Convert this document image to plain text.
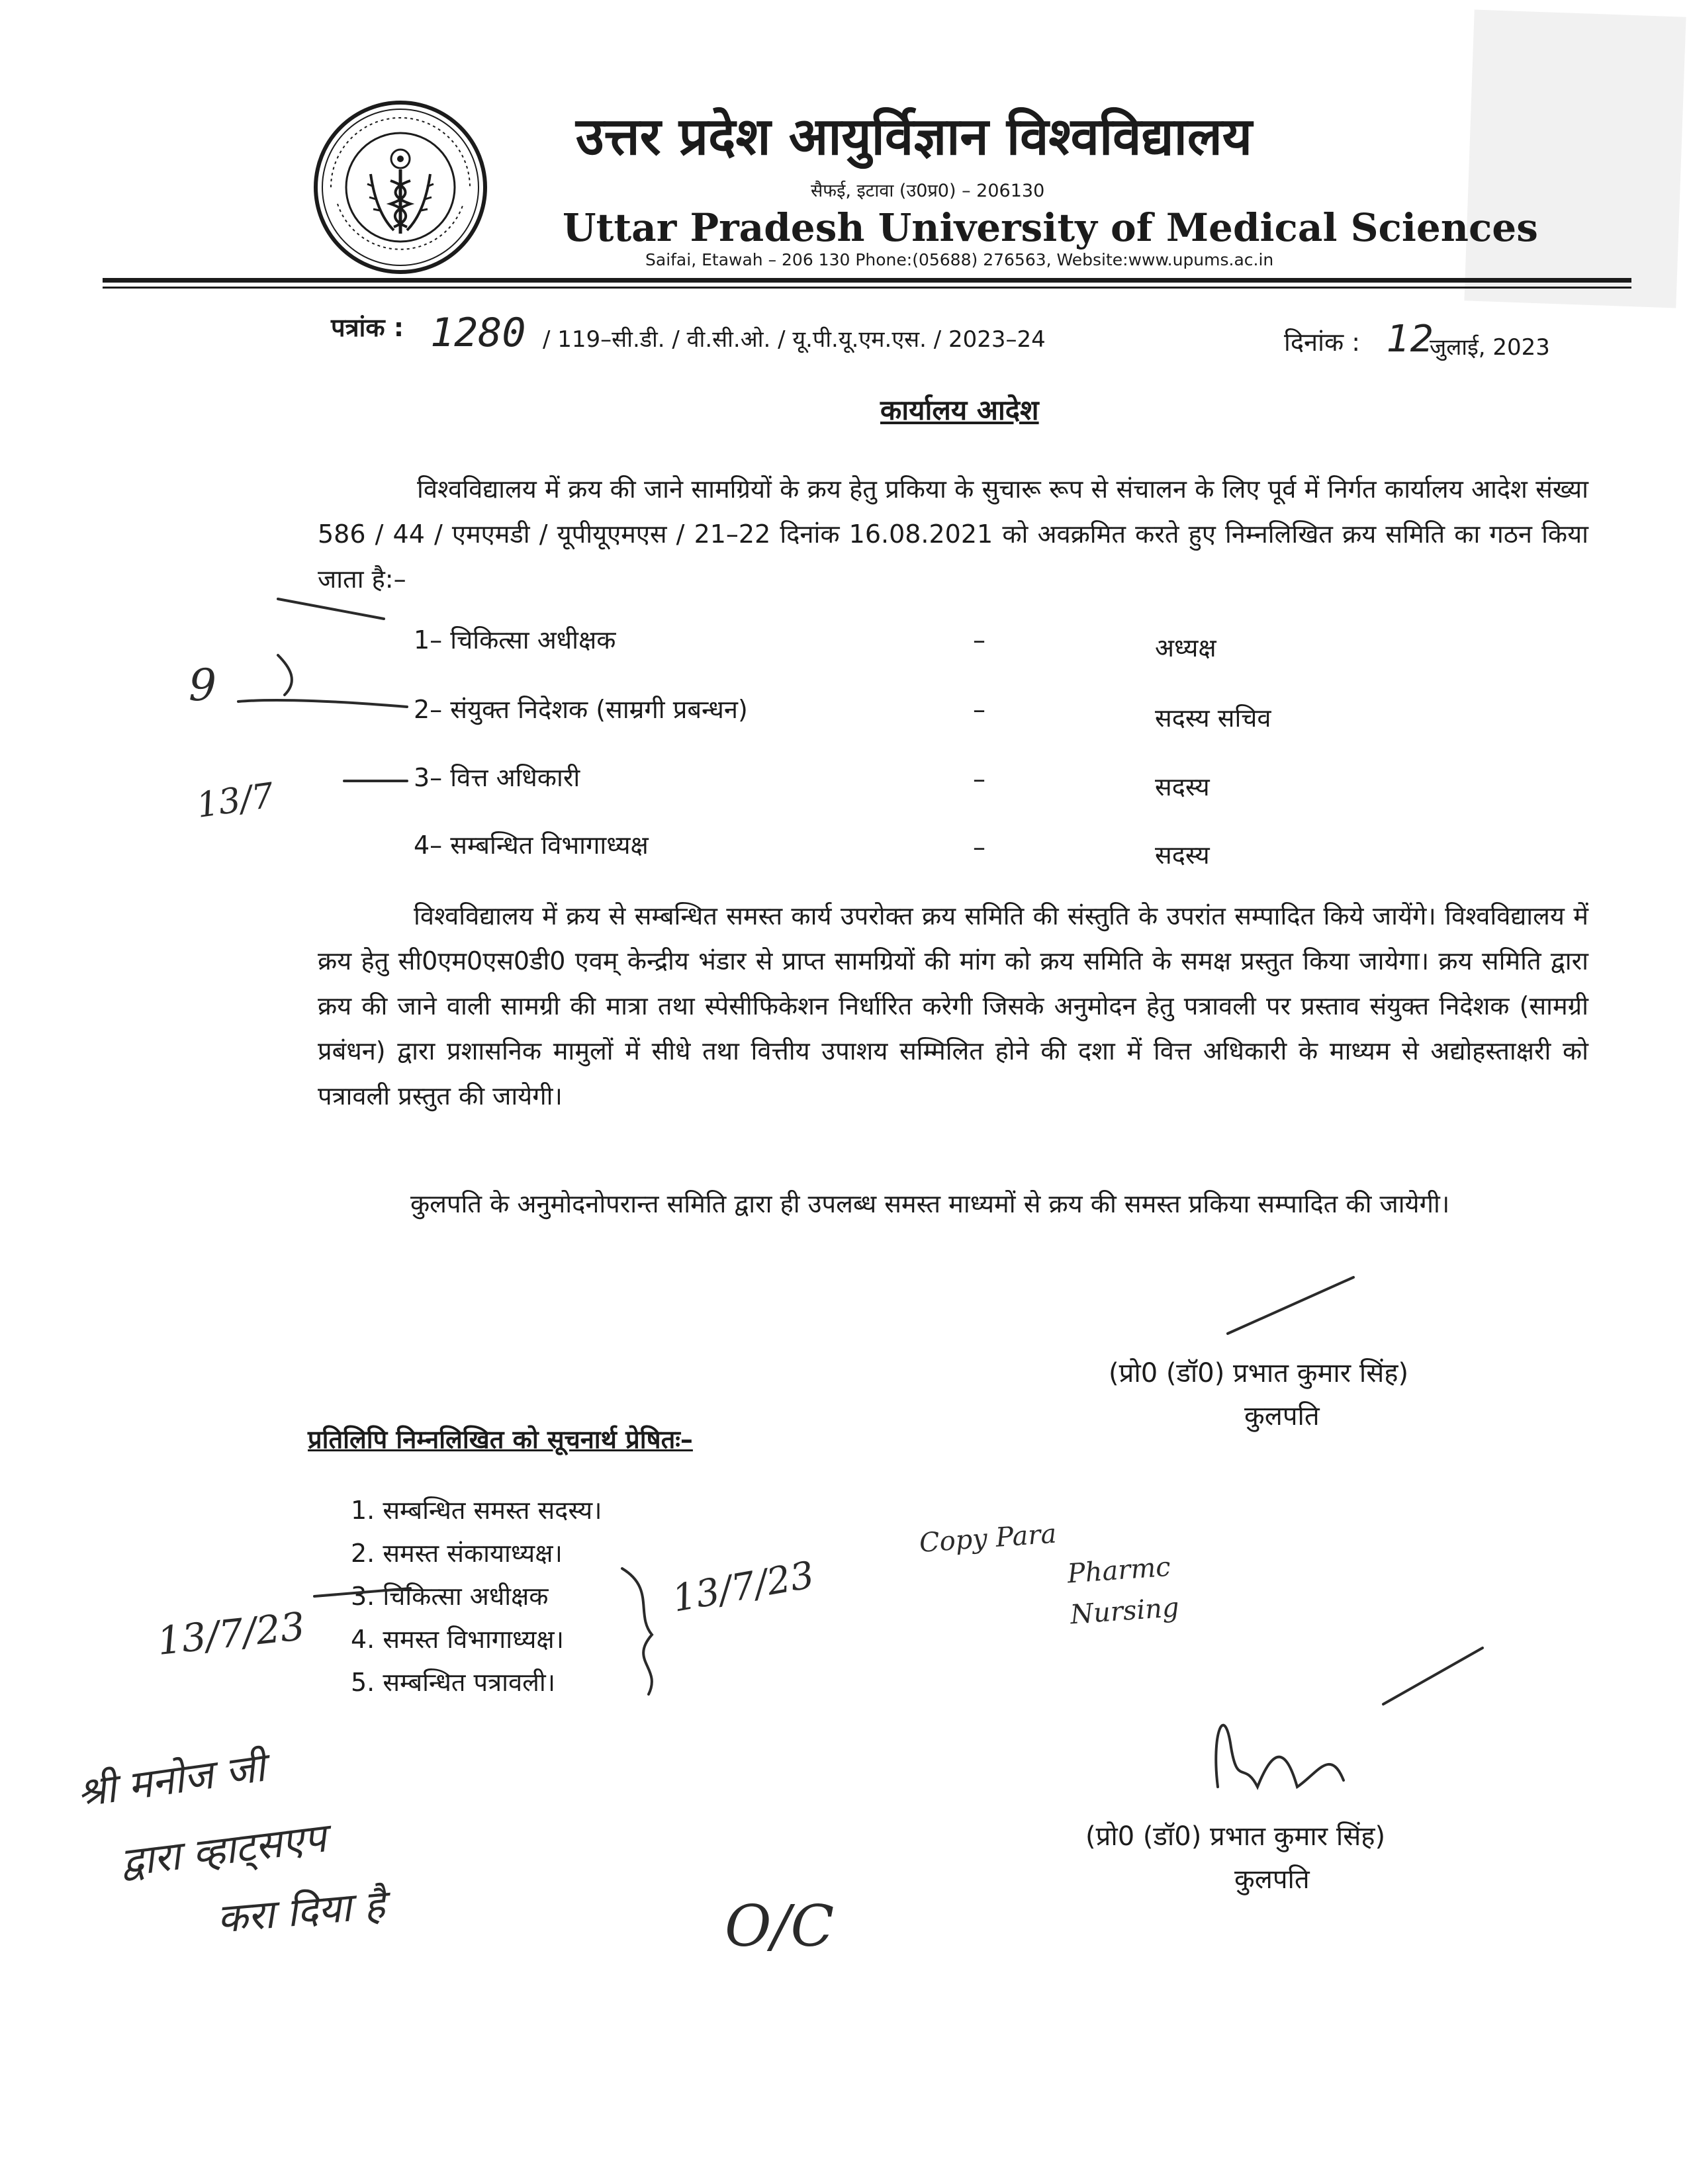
उत्तर प्रदेश आयुर्विज्ञान विश्वविद्यालय
सैफई, इटावा (उ0प्र0) – 206130
Uttar Pradesh University of Medical Sciences
Saifai, Etawah – 206 130 Phone:(05688) 276563, Website:www.upums.ac.in
पत्रांक : 1280 / 119–सी.डी. / वी.सी.ओ. / यू.पी.यू.एम.एस. / 2023–24	दिनांक : 12
जुलाई, 2023
कार्यालय आदेश
विश्वविद्यालय में क्रय की जाने सामग्रियों के क्रय हेतु प्रकिया के सुचारू रूप से संचालन के लिए पूर्व में निर्गत कार्यालय आदेश संख्या 586 / 44 / एमएमडी / यूपीयूएमएस / 21–22 दिनांक 16.08.2021 को अवक्रमित करते हुए निम्नलिखित क्रय समिति का गठन किया जाता है:–
1– चिकित्सा अधीक्षक	–	अध्यक्ष
2– संयुक्त निदेशक (साम्रगी प्रबन्धन)	–	सदस्य सचिव
3– वित्त अधिकारी	–	सदस्य
4– सम्बन्धित विभागाध्यक्ष	–	सदस्य
विश्वविद्यालय में क्रय से सम्बन्धित समस्त कार्य उपरोक्त क्रय समिति की संस्तुति के उपरांत सम्पादित किये जायेंगे। विश्वविद्यालय में क्रय हेतु सी0एम0एस0डी0 एवम् केन्द्रीय भंडार से प्राप्त सामग्रियों की मांग को क्रय समिति के समक्ष प्रस्तुत किया जायेगा। क्रय समिति द्वारा क्रय की जाने वाली सामग्री की मात्रा तथा स्पेसीफिकेशन निर्धारित करेगी जिसके अनुमोदन हेतु पत्रावली पर प्रस्ताव संयुक्त निदेशक (सामग्री प्रबंधन) द्वारा प्रशासनिक मामुलों में सीधे तथा वित्तीय उपाशय सम्मिलित होने की दशा में वित्त अधिकारी के माध्यम से अद्योहस्ताक्षरी को पत्रावली प्रस्तुत की जायेगी।
कुलपति के अनुमोदनोपरान्त समिति द्वारा ही उपलब्ध समस्त माध्यमों से क्रय की समस्त प्रकिया सम्पादित की जायेगी।
(प्रो0 (डॉ0) प्रभात कुमार सिंह)
कुलपति
प्रतिलिपि निम्नलिखित को सूचनार्थ प्रेषितः–
1. सम्बन्धित समस्त सदस्य।
2. समस्त संकायाध्यक्ष।
3. चिकित्सा अधीक्षक
4. समस्त विभागाध्यक्ष।
5. सम्बन्धित पत्रावली।
(प्रो0 (डॉ0) प्रभात कुमार सिंह)
कुलपति
9
13/7
13/7/23
13/7/23
Copy ParaPharmcNursing
श्री मनोज जी
द्वारा व्हाट्सएप
करा दिया है	O/C
